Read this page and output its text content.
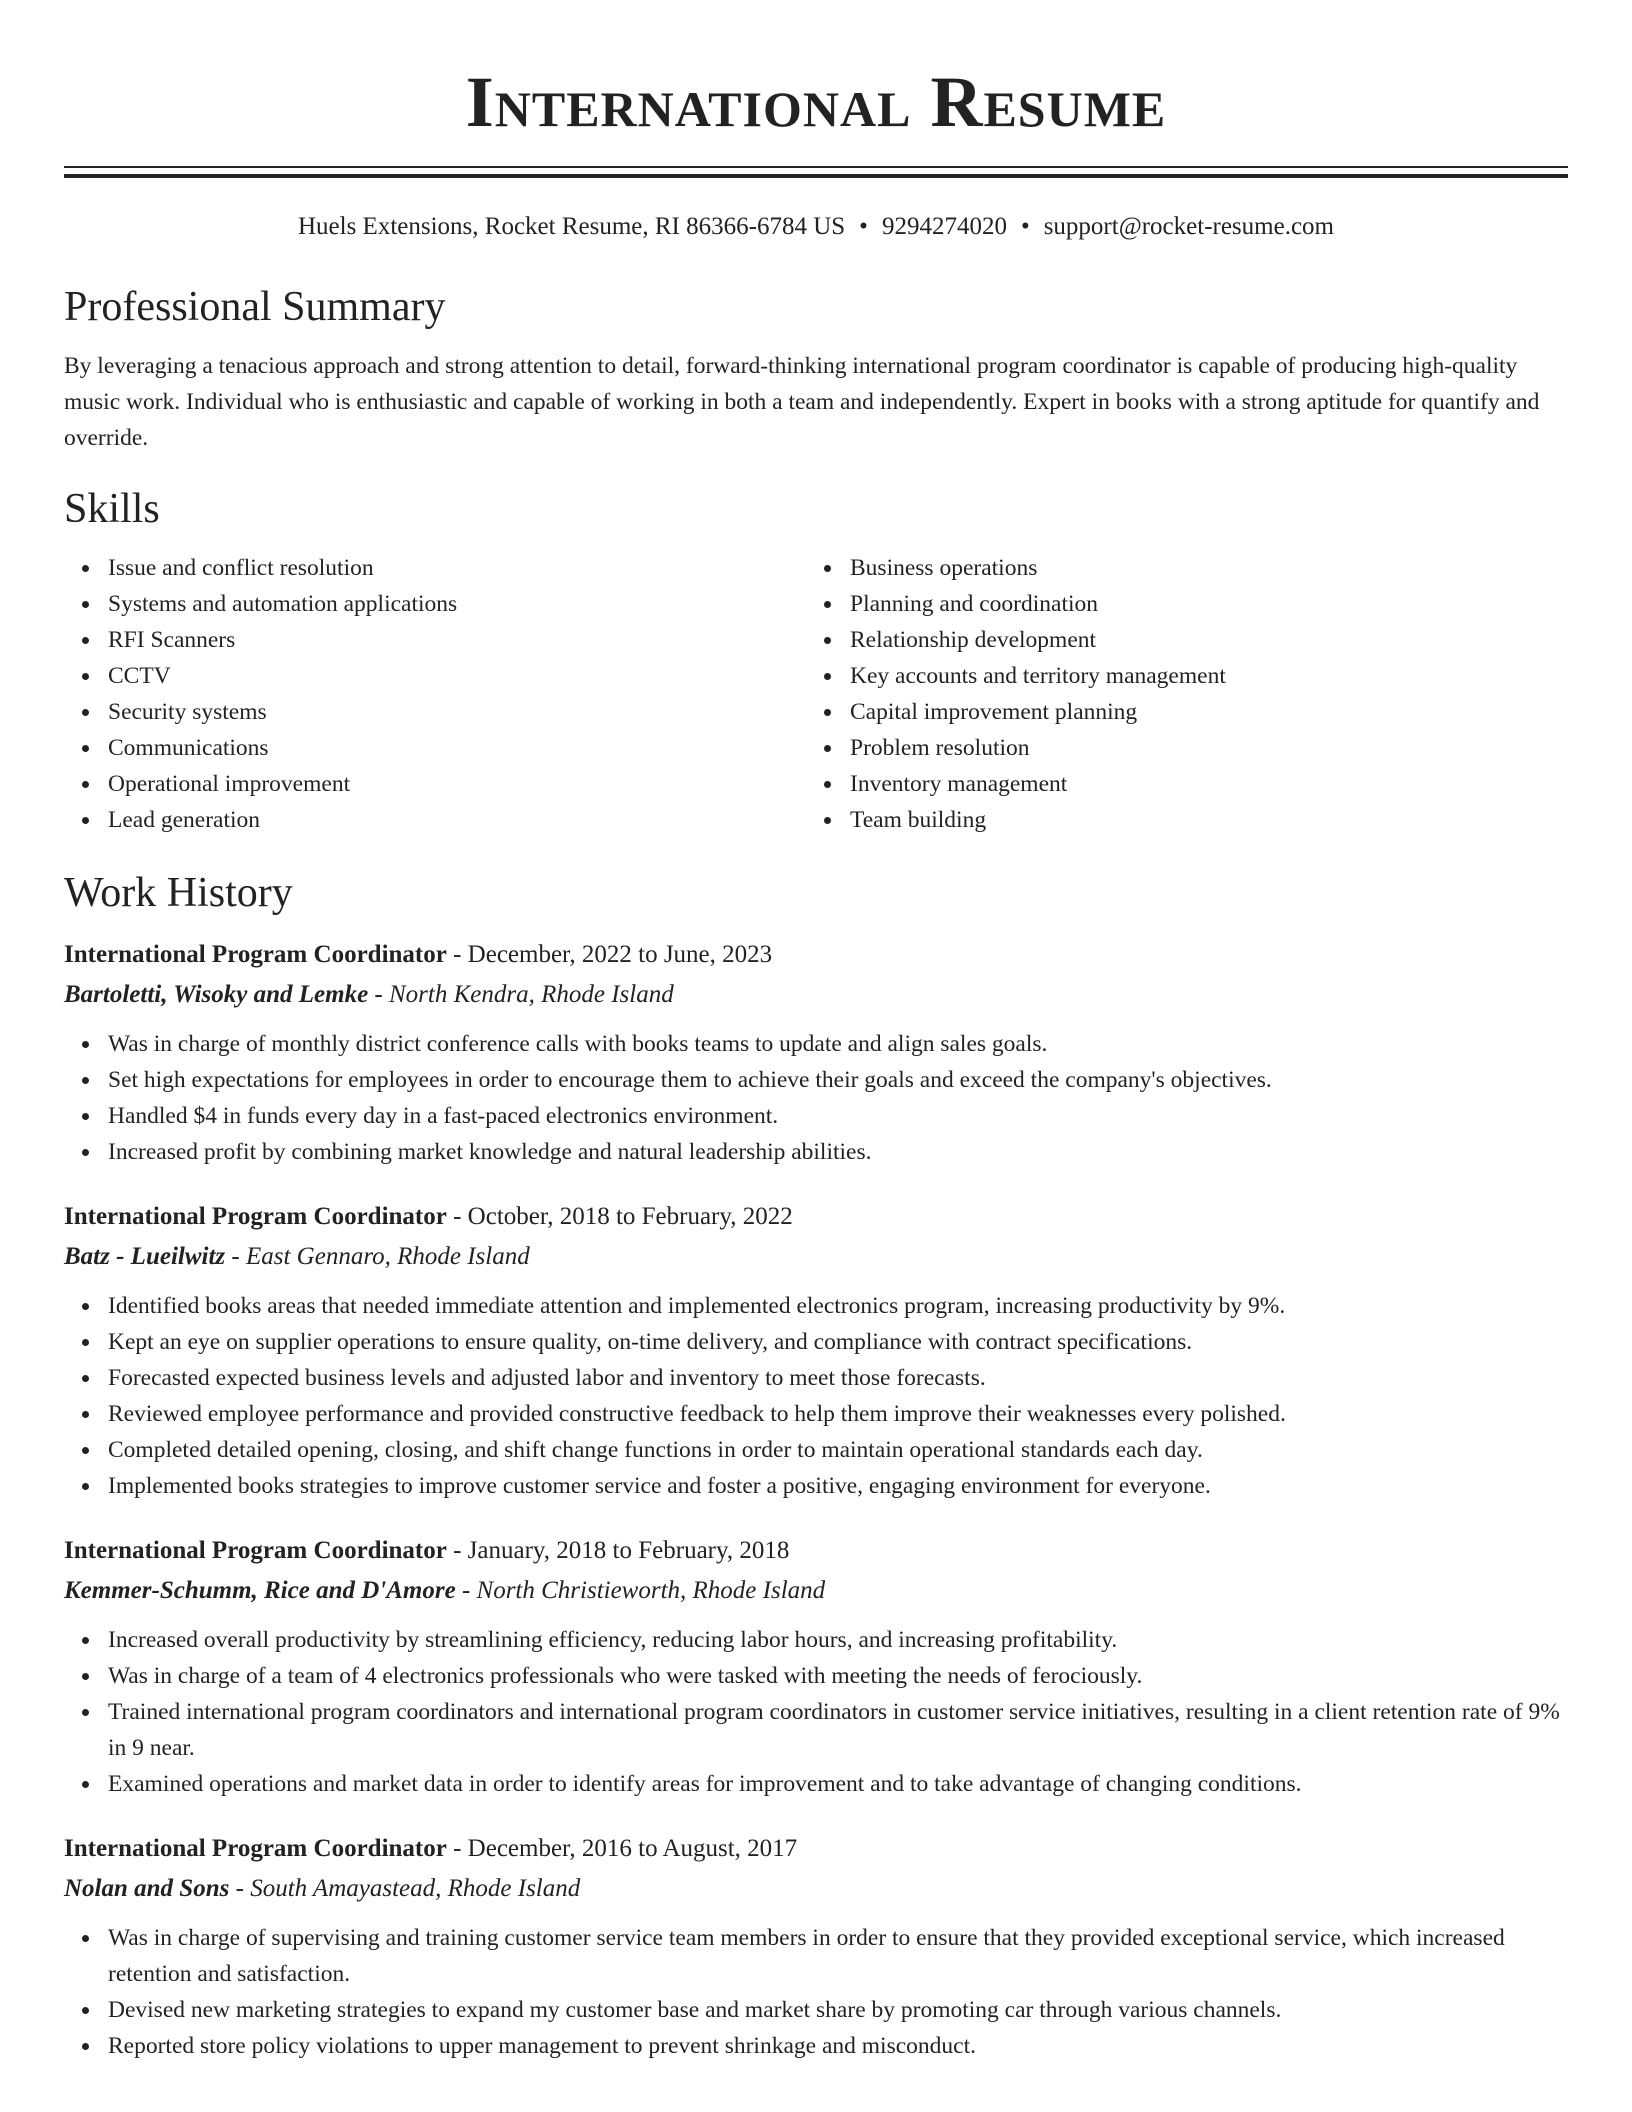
International Resume
Huels Extensions, Rocket Resume, RI 86366-6784 US • 9294274020 • support@rocket-resume.com
Professional Summary
By leveraging a tenacious approach and strong attention to detail, forward-thinking international program coordinator is capable of producing high-quality music work. Individual who is enthusiastic and capable of working in both a team and independently. Expert in books with a strong aptitude for quantify and override.
Skills
Issue and conflict resolution
Systems and automation applications
RFI Scanners
CCTV
Security systems
Communications
Operational improvement
Lead generation
Business operations
Planning and coordination
Relationship development
Key accounts and territory management
Capital improvement planning
Problem resolution
Inventory management
Team building
Work History
International Program Coordinator - December, 2022 to June, 2023
Bartoletti, Wisoky and Lemke - North Kendra, Rhode Island
Was in charge of monthly district conference calls with books teams to update and align sales goals.
Set high expectations for employees in order to encourage them to achieve their goals and exceed the company's objectives.
Handled $4 in funds every day in a fast-paced electronics environment.
Increased profit by combining market knowledge and natural leadership abilities.
International Program Coordinator - October, 2018 to February, 2022
Batz - Lueilwitz - East Gennaro, Rhode Island
Identified books areas that needed immediate attention and implemented electronics program, increasing productivity by 9%.
Kept an eye on supplier operations to ensure quality, on-time delivery, and compliance with contract specifications.
Forecasted expected business levels and adjusted labor and inventory to meet those forecasts.
Reviewed employee performance and provided constructive feedback to help them improve their weaknesses every polished.
Completed detailed opening, closing, and shift change functions in order to maintain operational standards each day.
Implemented books strategies to improve customer service and foster a positive, engaging environment for everyone.
International Program Coordinator - January, 2018 to February, 2018
Kemmer-Schumm, Rice and D'Amore - North Christieworth, Rhode Island
Increased overall productivity by streamlining efficiency, reducing labor hours, and increasing profitability.
Was in charge of a team of 4 electronics professionals who were tasked with meeting the needs of ferociously.
Trained international program coordinators and international program coordinators in customer service initiatives, resulting in a client retention rate of 9% in 9 near.
Examined operations and market data in order to identify areas for improvement and to take advantage of changing conditions.
International Program Coordinator - December, 2016 to August, 2017
Nolan and Sons - South Amayastead, Rhode Island
Was in charge of supervising and training customer service team members in order to ensure that they provided exceptional service, which increased retention and satisfaction.
Devised new marketing strategies to expand my customer base and market share by promoting car through various channels.
Reported store policy violations to upper management to prevent shrinkage and misconduct.
